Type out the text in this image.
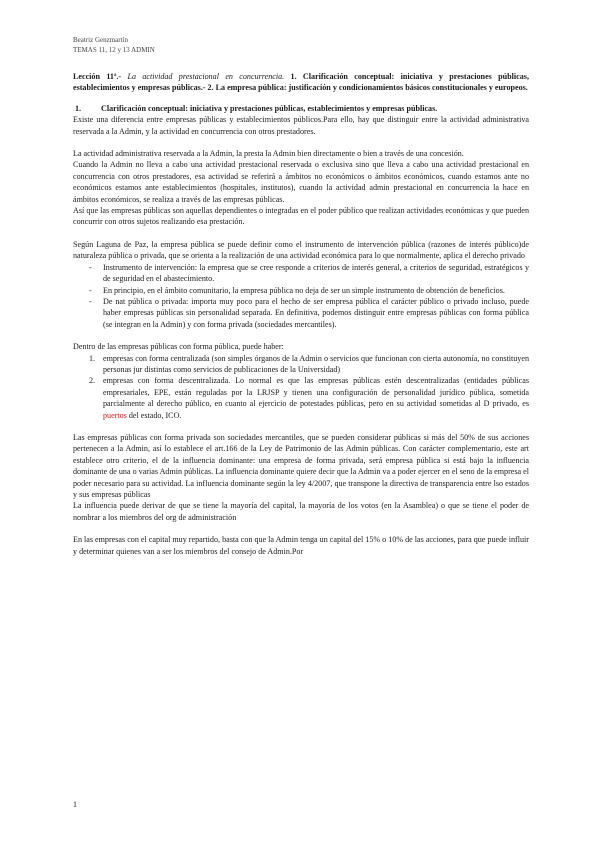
Beatriz Genzmartín
TEMAS 11, 12 y 13 ADMIN

Lección 11ª.- La actividad prestacional en concurrencia. 1. Clarificación conceptual: iniciativa y prestaciones públicas, establecimientos y empresas públicas.- 2. La empresa pública: justificación y condicionamientos básicos constitucionales y europeos.

1.	Clarificación conceptual: iniciativa y prestaciones públicas, establecimientos y empresas públicas.

Existe una diferencia entre empresas públicas y establecimientos públicos.Para ello, hay que distinguir entre la actividad administrativa reservada a la Admin, y la actividad en concurrencia con otros prestadores.

La actividad administrativa reservada a la Admin, la presta la Admin bien directamente o bien a través de una concesión.

Cuando la Admin no lleva a cabo una actividad prestacional reservada o exclusiva sino que lleva a cabo una actividad prestacional en concurrencia con otros prestadores, esa actividad se referirá a ámbitos no económicos o ámbitos económicos, cuando estamos ante no económicos estamos ante establecimientos (hospitales, institutos), cuando la actividad admin prestacional en concurrencia la hace en ámbitos económicos, se realiza a través de las empresas públicas.

Así que las empresas públicas son aquellas dependientes o integradas en el poder público que realizan actividades económicas y que pueden concurrir con otros sujetos realizando esa prestación.

Según Laguna de Paz, la empresa pública se puede definir como el instrumento de intervención pública (razones de interés público)de naturaleza pública o privada, que se orienta a la realización de una actividad económica para lo que normalmente, aplica el derecho privado

-	Instrumento de intervención: la empresa que se cree responde a criterios de interés general, a criterios de seguridad, estratégicos y de seguridad en el abastecimiento.
-	En principio, en el ámbito comunitario, la empresa pública no deja de ser un simple instrumento de obtención de beneficios.
-	De nat pública o privada: importa muy poco para el hecho de ser empresa pública el carácter público o privado incluso, puede haber empresas públicas sin personalidad separada. En definitiva, podemos distinguir entre empresas públicas con forma pública (se integran en la Admin) y con forma privada (sociedades mercantiles).

Dentro de las empresas públicas con forma pública, puede haber:

1. empresas con forma centralizada (son simples órganos de la Admin o servicios que funcionan con cierta autonomía, no constituyen personas jur distintas como servicios de publicaciones de la Universidad)
2. empresas con forma descentralizada. Lo normal es que las empresas públicas estén descentralizadas (entidades públicas empresariales, EPE, están reguladas por la LRJSP y tienen una configuración de personalidad jurídico pública, sometida parcialmente al derecho público, en cuanto al ejercicio de potestades públicas, pero en su actividad sometidas al D privado, es puertos del estado, ICO.

Las empresas públicas con forma privada son sociedades mercantiles, que se pueden considerar públicas si más del 50% de sus acciones pertenecen a la Admin, así lo establece el art.166 de la Ley de Patrimonio de las Admin públicas. Con carácter complementario, este art establece otro criterio, el de la influencia dominante: una empresa de forma privada, será empresa pública si está bajo la influencia dominante de una o varias Admin públicas. La influencia dominante quiere decir que la Admin va a poder ejercer en el seno de la empresa el poder necesario para su actividad. La influencia dominante según la ley 4/2007, que transpone la directiva de transparencia entre lso estados y sus empresas públicas

La influencia puede derivar de que se tiene la mayoría del capital, la mayoría de los votos (en la Asamblea) o que se tiene el poder de nombrar a los miembros del org de administración

En las empresas con el capital muy repartido, basta con que la Admin tenga un capital del 15% o 10% de las acciones, para que puede influir y determinar quienes van a ser los miembros del consejo de Admin.Por

1
